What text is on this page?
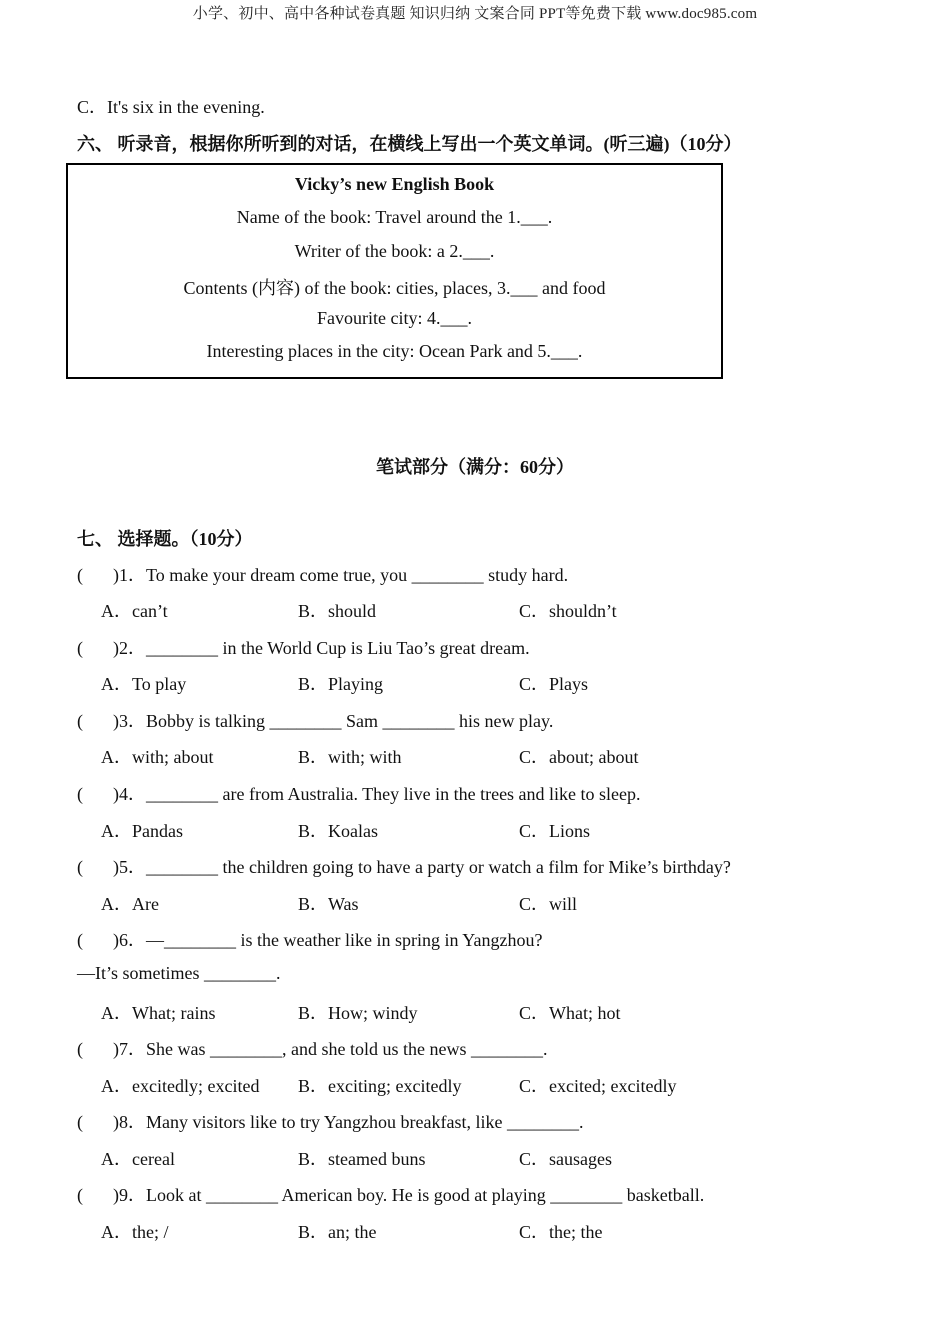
小学、初中、高中各种试卷真题 知识归纳 文案合同 PPT等免费下载 www.doc985.com
C．It's six in the evening.
六、 听录音，根据你所听到的对话，在横线上写出一个英文单词。(听三遍)（10分）
Vicky’s new English Book
Name of the book: Travel around the 1.___.
Writer of the book: a 2.___.
Contents (内容) of the book: cities, places, 3.___ and food
Favourite city: 4.___.
Interesting places in the city: Ocean Park and 5.___.
笔试部分（满分：60分）
七、 选择题。（10分）
( )1．To make your dream come true, you ________ study hard.
A．can’t	B．should	C．shouldn’t
( )2．________ in the World Cup is Liu Tao’s great dream.
A．To play	B．Playing	C．Plays
( )3．Bobby is talking ________ Sam ________ his new play.
A．with; about	B．with; with	C．about; about
( )4．________ are from Australia. They live in the trees and like to sleep.
A．Pandas	B．Koalas	C．Lions
( )5．________ the children going to have a party or watch a film for Mike’s birthday?
A．Are	B．Was	C．will
( )6．—________ is the weather like in spring in Yangzhou?
—It’s sometimes ________.
A．What; rains	B．How; windy	C．What; hot
( )7．She was ________, and she told us the news ________.
A．excitedly; excited B．exciting; excitedly	C．excited; excitedly
( )8．Many visitors like to try Yangzhou breakfast, like ________.
A．cereal	B．steamed buns	C．sausages
( )9．Look at ________ American boy. He is good at playing ________ basketball.
A．the; /	B．an; the	C．the; the
